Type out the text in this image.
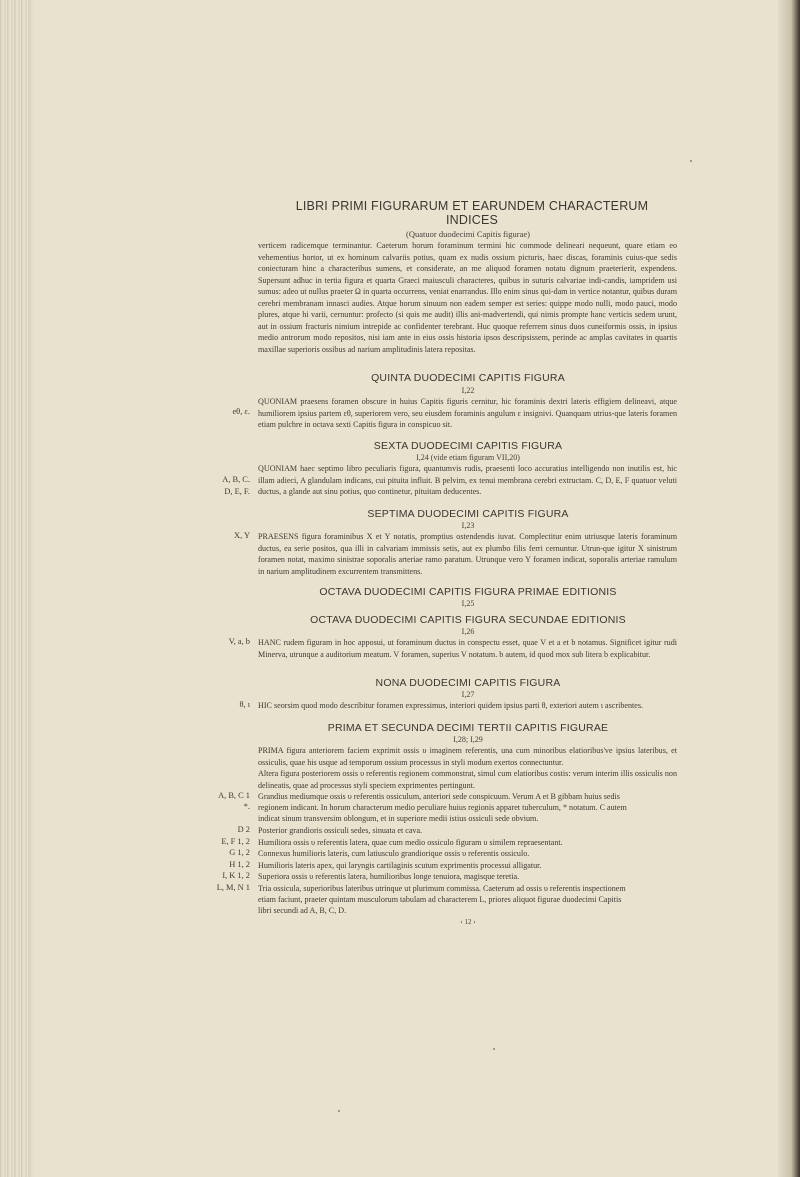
LIBRI PRIMI FIGURARUM ET EARUNDEM CHARACTERUM INDICES
(Quatuor duodecimi Capitis figurae)

verticem radicemque terminantur. Caeterum horum foraminum termini hic commode delineari nequeunt, quare etiam eo vehementius hortor, ut ex hominum calvariis potius, quam ex nudis ossium picturis, haec discas, foraminis cuius-que sedis coniecturam hinc a characteribus sumens, et considerate, an me aliquod foramen notatu dignum praeterierit, expendens. Supersunt adhuc in tertia figura et quarta Graeci maiusculi characteres, quibus in suturis calvariae indi-candis, iampridem usi sumus: adeo ut nullus praeter Ω in quarta occurrens, veniat enarrandus. Illo enim sinus qui-dam in vertice notantur, quibus duram cerebri membranam innasci audies. Atque horum sinuum non eadem semper est series: quippe modo nulli, modo pauci, modo plures, atque hi varii, cernuntur: profecto (si quis me audit) illis ani-madvertendi, qui nimis prompte hanc verticis sedem urunt, aut in ossium fracturis nimium intrepide ac confidenter terebrant. Huc quoque referrem sinus duos cuneiformis ossis, in ipsius medio antrorum modo repositos, nisi iam ante in eius ossis historia ipsos descripsissem, perinde ac amplas cavitates in quartis maxillae superioris ossibus ad narium amplitudinis latera repositas.

QUINTA DUODECIMI CAPITIS FIGURA
I,22

QUONIAM praesens foramen obscure in huius Capitis figuris cernitur, hic foraminis dextri lateris effigiem delineavi, atque humiliorem ipsius partem εθ, superiorem vero, seu eiusdem foraminis angulum ε insignivi. Quanquam utrius-que lateris foramen etiam pulchre in octava sexti Capitis figura in conspicuo sit.

eθ, ε.
SEXTA DUODECIMI CAPITIS FIGURA
I,24 (vide etiam figuram VII,20)

QUONIAM haec septimo libro peculiaris figura, quantumvis rudis, praesenti loco accuratius intelligendo non inutilis est, hic illam adieci, A glandulam indicans, cui pituita influit. B pelvim, ex tenui membrana cerebri extructam. C, D, E, F quatuor veluti ductus, a glande aut sinu potius, quo continetur, pituitam deducentes.

A, B, C.
D, E, F.
SEPTIMA DUODECIMI CAPITIS FIGURA
I,23

PRAESENS figura foraminibus X et Y notatis, promptius ostendendis iuvat. Complectitur enim utriusque lateris foraminum ductus, ea serie positos, qua illi in calvariam immissis setis, aut ex plumbo filis ferri cernuntur. Utrun-que igitur X sinistrum foramen notat, maximo sinistrae soporalis arteriae ramo paratum. Utrunque vero Y foramen indicat, soporalis arteriae ramulum in narium amplitudinem excurrentem transmittens.

X, Y
OCTAVA DUODECIMI CAPITIS FIGURA PRIMAE EDITIONIS
I,25
OCTAVA DUODECIMI CAPITIS FIGURA SECUNDAE EDITIONIS
I,26

HANC rudem figuram in hoc apposui, ut foraminum ductus in conspectu esset, quae V et a et b notamus. Significet igitur rudi Minerva, utrunque a auditorium meatum. V foramen, superius V notatum. b autem, id quod mox sub litera b explicabitur.

V, a, b
NONA DUODECIMI CAPITIS FIGURA
I,27

HIC seorsim quod modo describitur foramen expressimus, interiori quidem ipsius parti θ, exteriori autem ι ascribentes.

θ, ι
PRIMA ET SECUNDA DECIMI TERTII CAPITIS FIGURAE
I,28; I,29

PRIMA figura anteriorem faciem exprimit ossis υ imaginem referentis, una cum minoribus elatioribus've ipsius lateribus, et ossiculis, quae his usque ad temporum ossium processus in styli modum exertos connectuntur.

Altera figura posteriorem ossis υ referentis regionem commonstrat, simul cum elatioribus costis: verum interim illis ossiculis non delineatis, quae ad processus styli speciem exprimentes pertingunt.

Grandius mediumque ossis υ referentis ossiculum, anteriori sede conspicuum. Verum A et B gibbam huius sedis
A, B, C 1
regionem indicant. In horum characterum medio peculiare huius regionis apparet tuberculum, * notatum. C autem
*.
indicat sinum transversim oblongum, et in superiore medii istius ossiculi sede obvium.
Posterior grandioris ossiculi sedes, sinuata et cava.
D 2
Humiliora ossis υ referentis latera, quae cum medio ossiculo figuram υ similem repraesentant.
E, F 1, 2
Connexus humilioris lateris, cum latiusculo grandiorique ossis υ referentis ossiculo.
G 1, 2
Humilioris lateris apex, qui laryngis cartilaginis scutum exprimentis processui alligatur.
H 1, 2
Superiora ossis υ referentis latera, humilioribus longe tenuiora, magisque teretia.
I, K 1, 2
Tria ossicula, superioribus lateribus utrinque ut plurimum commissa. Caeterum ad ossis υ referentis inspectionem
L, M, N 1
etiam faciunt, praeter quintam musculorum tabulam ad characterem L, priores aliquot figurae duodecimi Capitis
libri secundi ad A, B, C, D.
‹ 12 ›
